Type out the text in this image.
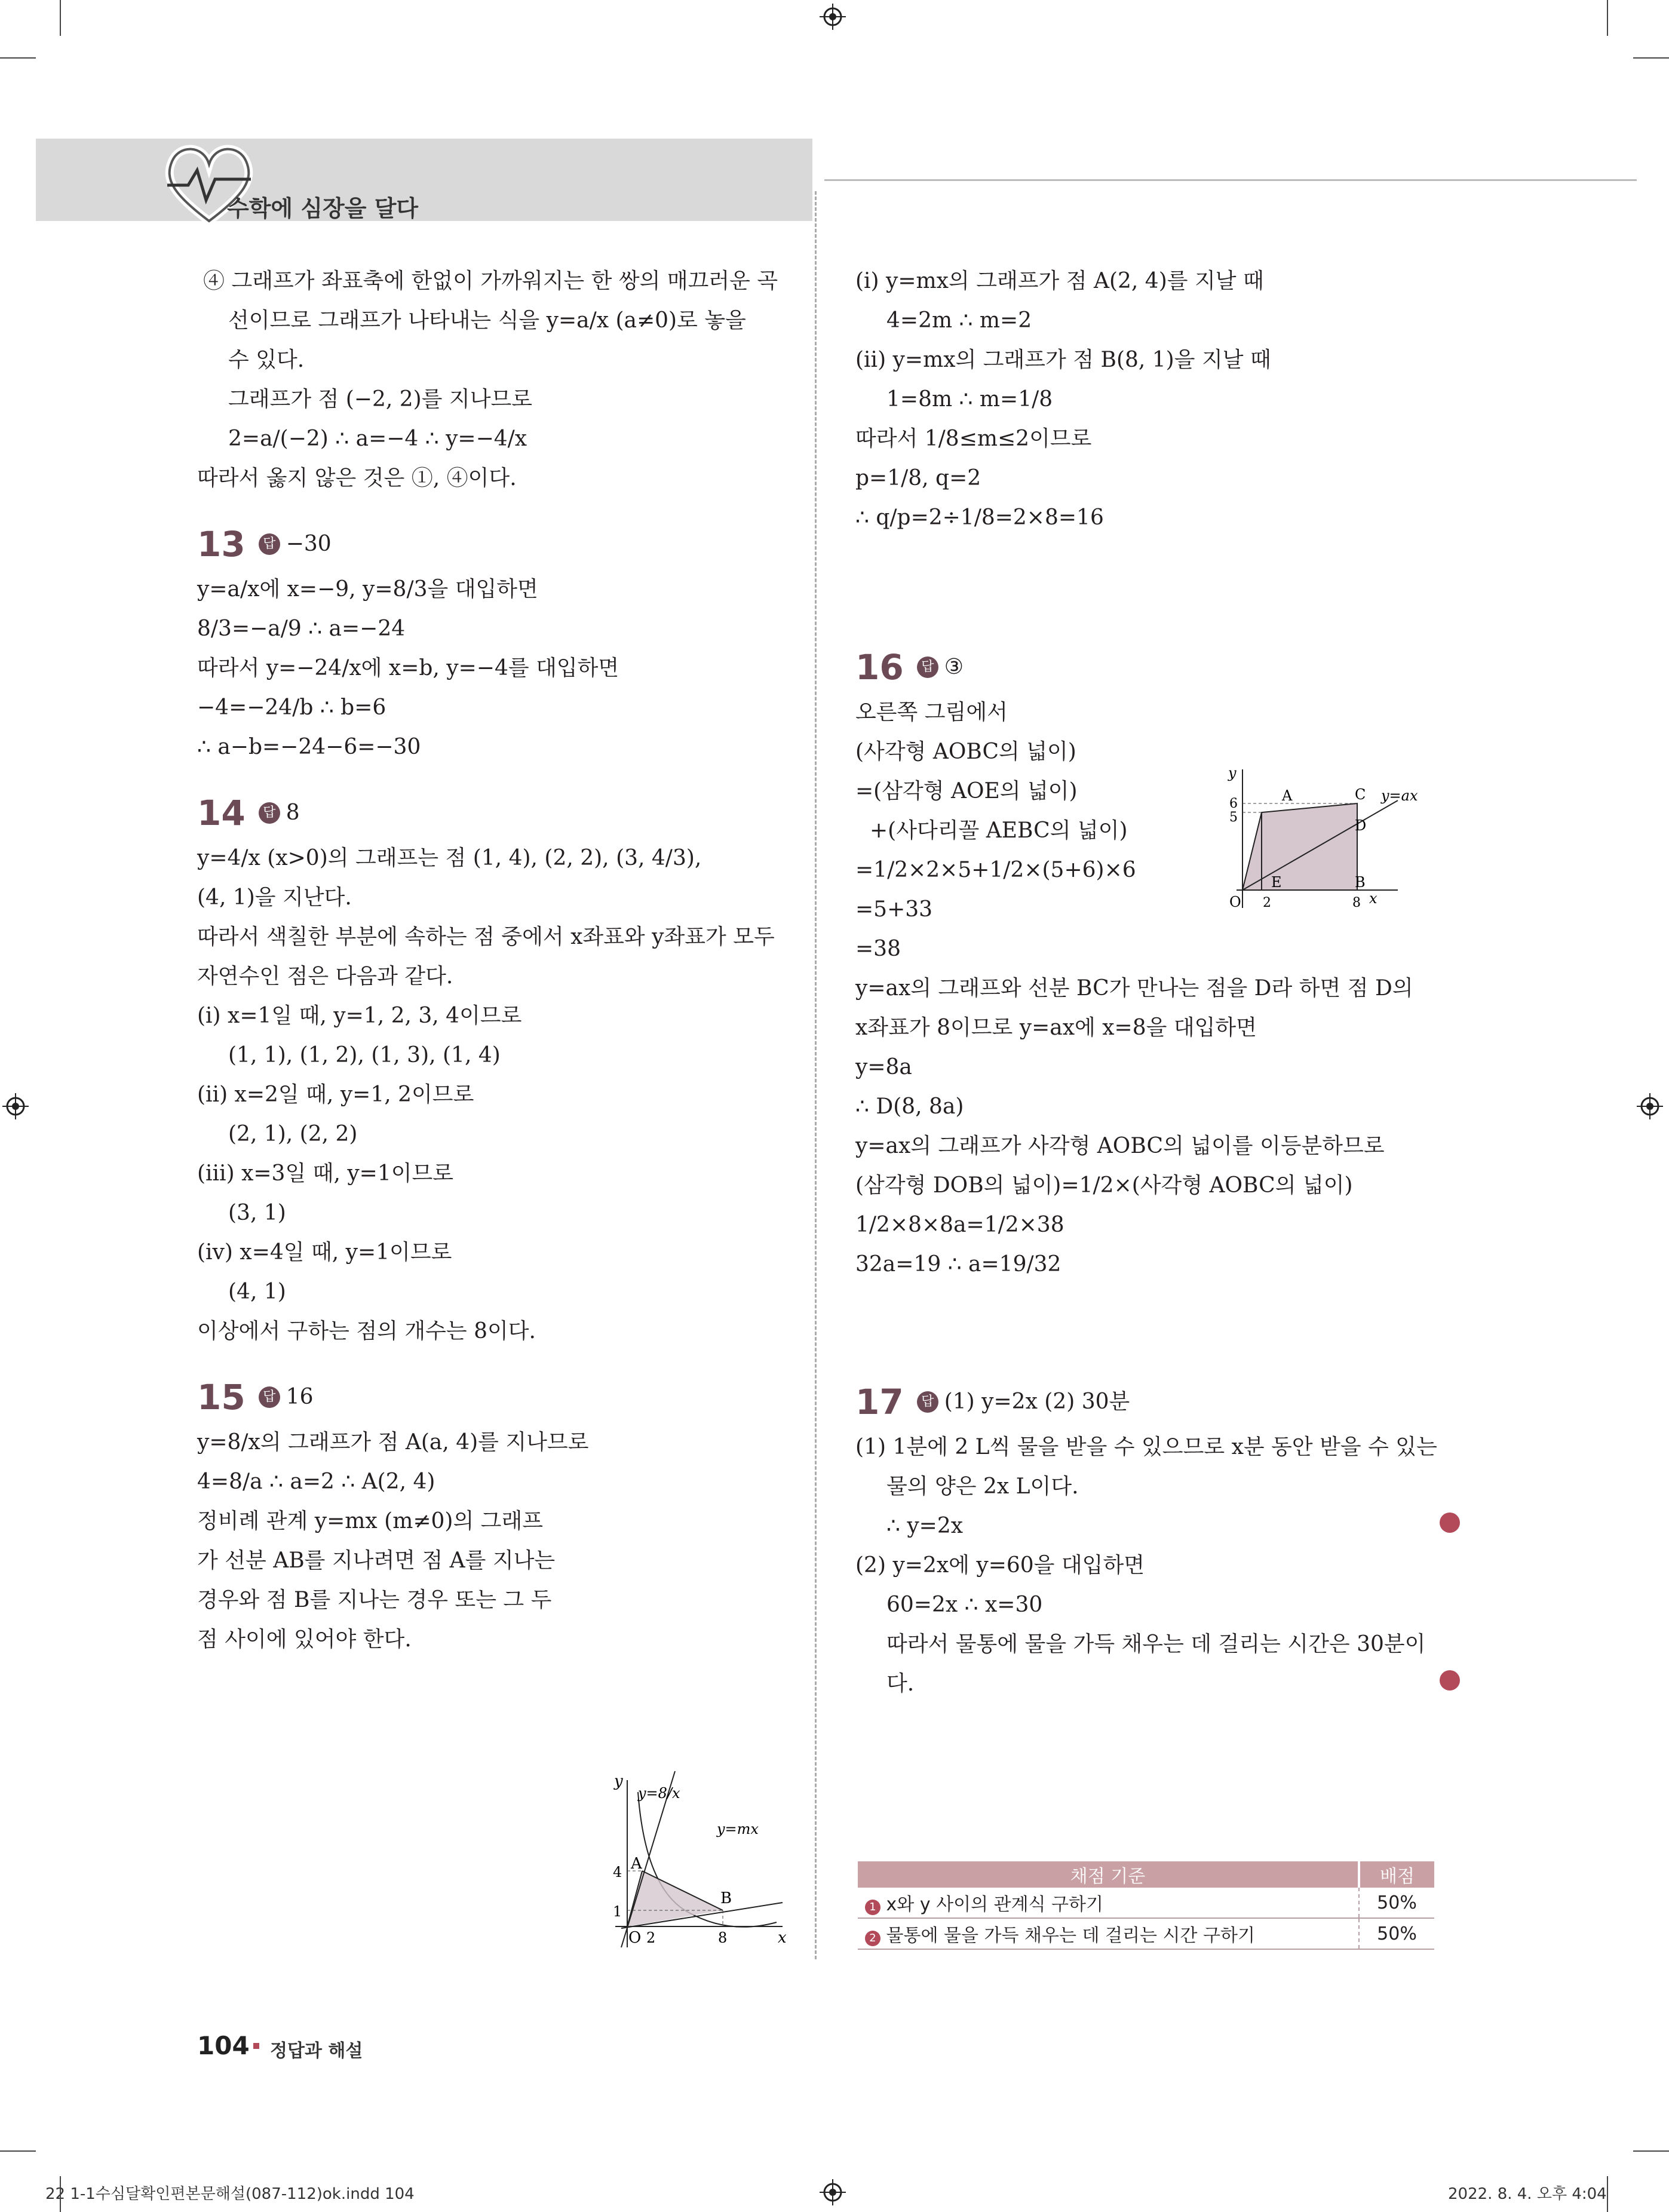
수학에 심장을 달다
④ 그래프가 좌표축에 한없이 가까워지는 한 쌍의 매끄러운 곡
선이므로 그래프가 나타내는 식을 y=a/x (a≠0)로 놓을
수 있다.
그래프가 점 (−2, 2)를 지나므로
2=a/(−2) ∴ a=−4 ∴ y=−4/x
따라서 옳지 않은 것은 ①, ④이다.
13 답 −30
y=a/x에 x=−9, y=8/3을 대입하면
8/3=−a/9 ∴ a=−24
따라서 y=−24/x에 x=b, y=−4를 대입하면
−4=−24/b ∴ b=6
∴ a−b=−24−6=−30
14 답 8
y=4/x (x>0)의 그래프는 점 (1, 4), (2, 2), (3, 4/3),
(4, 1)을 지난다.
따라서 색칠한 부분에 속하는 점 중에서 x좌표와 y좌표가 모두
자연수인 점은 다음과 같다.
(ⅰ) x=1일 때, y=1, 2, 3, 4이므로
(1, 1), (1, 2), (1, 3), (1, 4)
(ⅱ) x=2일 때, y=1, 2이므로
(2, 1), (2, 2)
(ⅲ) x=3일 때, y=1이므로
(3, 1)
(ⅳ) x=4일 때, y=1이므로
(4, 1)
이상에서 구하는 점의 개수는 8이다.
15 답 16
y=8/x의 그래프가 점 A(a, 4)를 지나므로
4=8/a ∴ a=2 ∴ A(2, 4)
정비례 관계 y=mx (m≠0)의 그래프
가 선분 AB를 지나려면 점 A를 지나는
경우와 점 B를 지나는 경우 또는 그 두
점 사이에 있어야 한다.
y
x
O 2	8
4
1
A
B
y=8/x
y=mx
(ⅰ) y=mx의 그래프가 점 A(2, 4)를 지날 때
4=2m ∴ m=2
(ⅱ) y=mx의 그래프가 점 B(8, 1)을 지날 때
1=8m ∴ m=1/8
따라서 1/8≤m≤2이므로
p=1/8, q=2
∴ q/p=2÷1/8=2×8=16
16 답 ③
오른쪽 그림에서
(사각형 AOBC의 넓이)
=(삼각형 AOE의 넓이)
+(사다리꼴 AEBC의 넓이)
=1/2×2×5+1/2×(5+6)×6
=5+33
=38
y=ax의 그래프와 선분 BC가 만나는 점을 D라 하면 점 D의
x좌표가 8이므로 y=ax에 x=8을 대입하면
y=8a
∴ D(8, 8a)
y=ax의 그래프가 사각형 AOBC의 넓이를 이등분하므로
(삼각형 DOB의 넓이)=1/2×(사각형 AOBC의 넓이)
1/2×8×8a=1/2×38
32a=19 ∴ a=19/32
17 답 (1) y=2x (2) 30분
(1) 1분에 2 L씩 물을 받을 수 있으므로 x분 동안 받을 수 있는
물의 양은 2x L이다.
∴ y=2x
(2) y=2x에 y=60을 대입하면
60=2x ∴ x=30
따라서 물통에 물을 가득 채우는 데 걸리는 시간은 30분이
다.
y
x
O
6
5
2	8
A	C
D
E	B
y=ax
채점 기준	배점
1 x와 y 사이의 관계식 구하기	50%
2 물통에 물을 가득 채우는 데 걸리는 시간 구하기	50%
104 정답과 해설
22 1-1수심달확인편본문해설(087-112)ok.indd 104	2022. 8. 4. 오후 4:04
